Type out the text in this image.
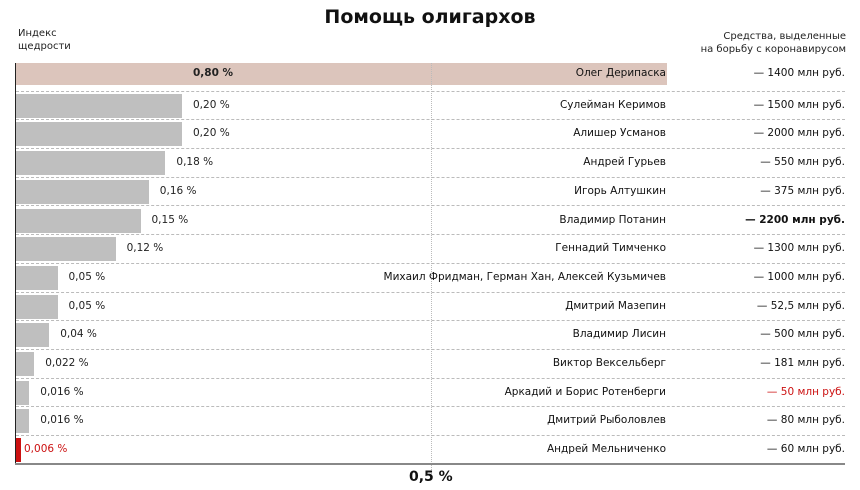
Помощь олигархов
Индекс щедрости
Средства, выделенные
на борьбу с коронавирусом
0,80 %	Олег Дерипаска	— 1400 млн руб.
0,20 %	Сулейман Керимов	— 1500 млн руб.
0,20 %	Алишер Усманов	— 2000 млн руб.
0,18 %	Андрей Гурьев	— 550 млн руб.
0,16 %	Игорь Алтушкин	— 375 млн руб.
0,15 %	Владимир Потанин	— 2200 млн руб.
0,12 %	Геннадий Тимченко	— 1300 млн руб.
0,05 %	Михаил Фридман, Герман Хан, Алексей Кузьмичев	— 1000 млн руб.
0,05 %	Дмитрий Мазепин	— 52,5 млн руб.
0,04 %	Владимир Лисин	— 500 млн руб.
0,022 %	Виктор Вексельберг	— 181 млн руб.
0,016 %	Аркадий и Борис Ротенберги	— 50 млн руб.
0,016 %	Дмитрий Рыболовлев	— 80 млн руб.
0,006 %	Андрей Мельниченко	— 60 млн руб.
0,5 %
